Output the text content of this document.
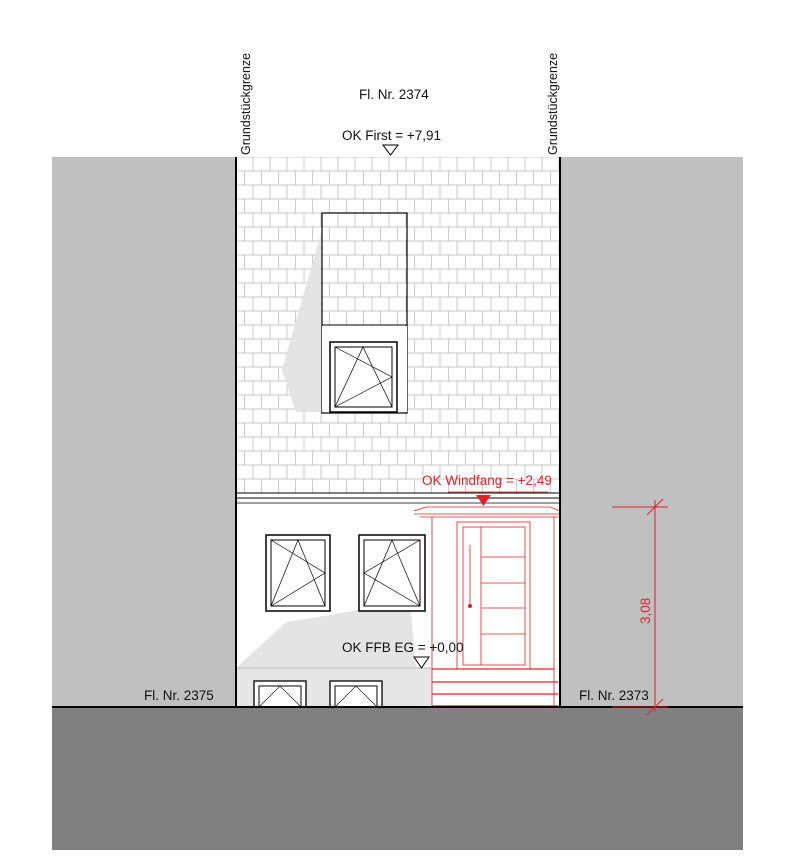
Grundstückgrenze	Grundstückgrenze
Fl. Nr. 2374
Fl. Nr. 2375	Fl. Nr. 2373
OK First = +7,91
OK Windfang = +2,49
OK FFB EG = +0,00
3,08
